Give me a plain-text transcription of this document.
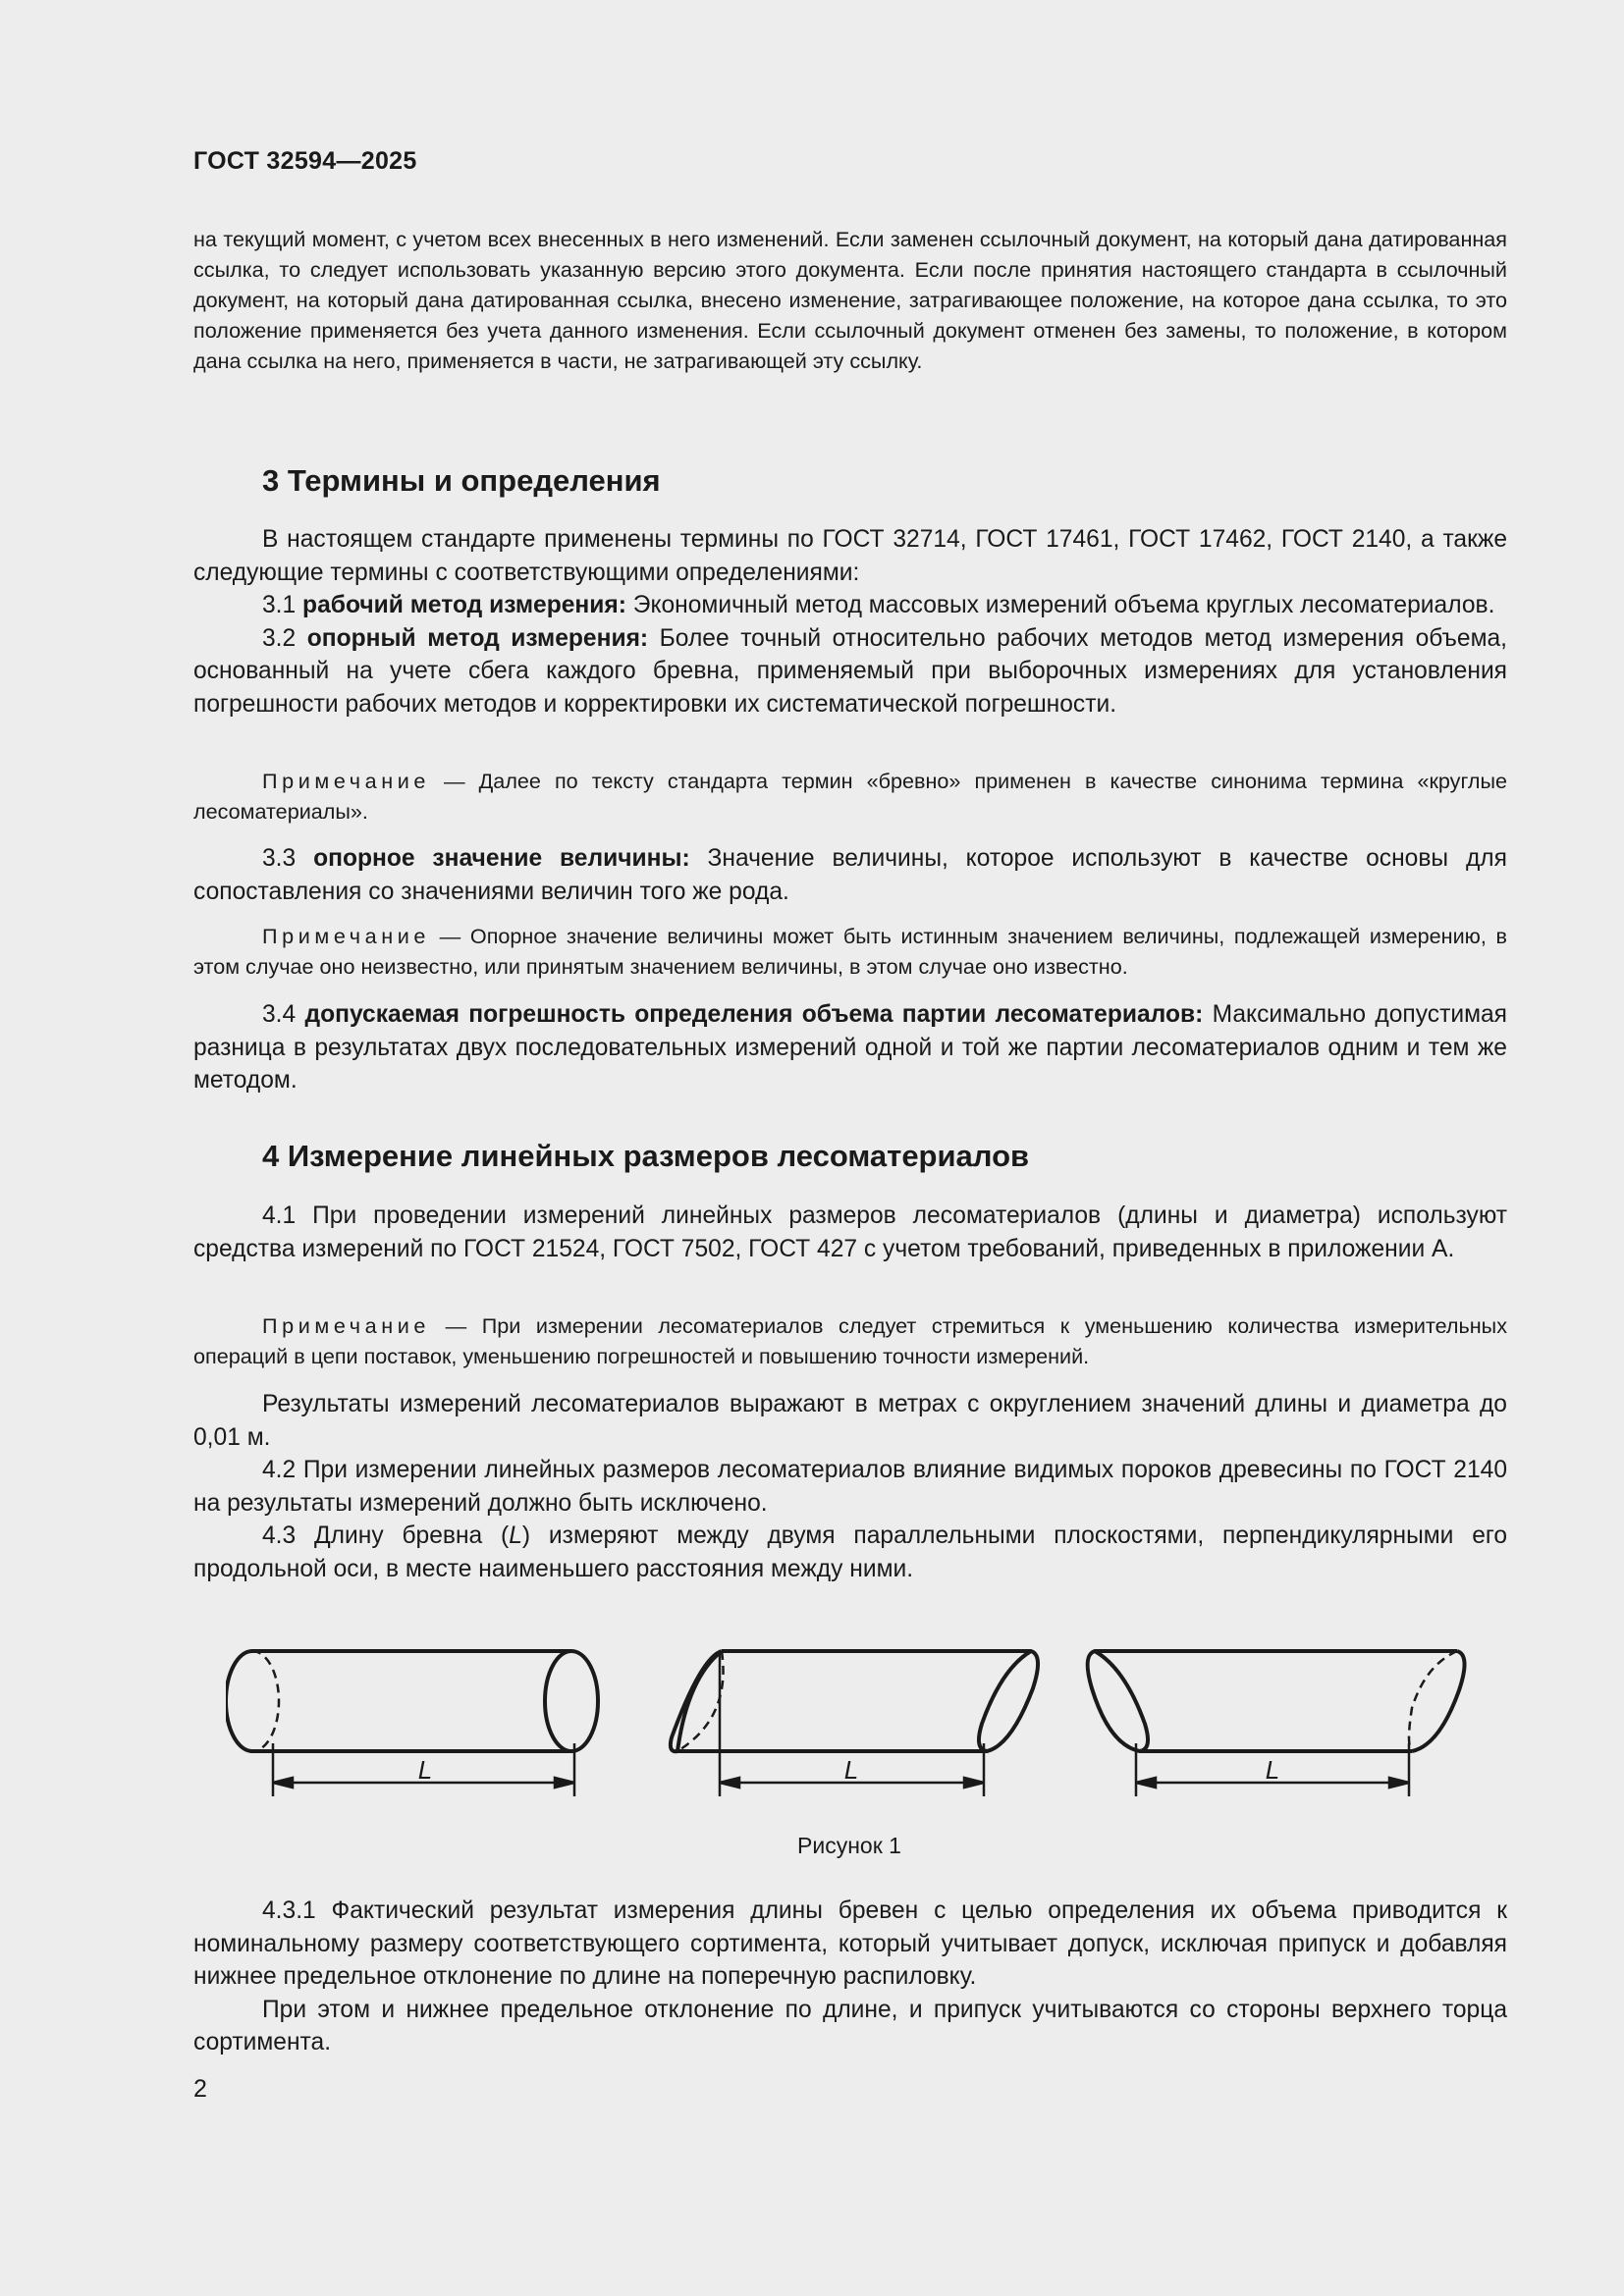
ГОСТ 32594—2025

на текущий момент, с учетом всех внесенных в него изменений. Если заменен ссылочный документ, на который дана датированная ссылка, то следует использовать указанную версию этого документа. Если после принятия настоящего стандарта в ссылочный документ, на который дана датированная ссылка, внесено изменение, затрагивающее положение, на которое дана ссылка, то это положение применяется без учета данного изменения. Если ссылочный документ отменен без замены, то положение, в котором дана ссылка на него, применяется в части, не затрагивающей эту ссылку.

3 Термины и определения

В настоящем стандарте применены термины по ГОСТ 32714, ГОСТ 17461, ГОСТ 17462, ГОСТ 2140, а также следующие термины с соответствующими определениями:

3.1 рабочий метод измерения: Экономичный метод массовых измерений объема круглых лесоматериалов.

3.2 опорный метод измерения: Более точный относительно рабочих методов метод измерения объема, основанный на учете сбега каждого бревна, применяемый при выборочных измерениях для установления погрешности рабочих методов и корректировки их систематической погрешности.

Примечание — Далее по тексту стандарта термин «бревно» применен в качестве синонима термина «круглые лесоматериалы».

3.3 опорное значение величины: Значение величины, которое используют в качестве основы для сопоставления со значениями величин того же рода.

Примечание — Опорное значение величины может быть истинным значением величины, подлежащей измерению, в этом случае оно неизвестно, или принятым значением величины, в этом случае оно известно.

3.4 допускаемая погрешность определения объема партии лесоматериалов: Максимально допустимая разница в результатах двух последовательных измерений одной и той же партии лесоматериалов одним и тем же методом.

4 Измерение линейных размеров лесоматериалов

4.1 При проведении измерений линейных размеров лесоматериалов (длины и диаметра) используют средства измерений по ГОСТ 21524, ГОСТ 7502, ГОСТ 427 с учетом требований, приведенных в приложении А.

Примечание — При измерении лесоматериалов следует стремиться к уменьшению количества измерительных операций в цепи поставок, уменьшению погрешностей и повышению точности измерений.

Результаты измерений лесоматериалов выражают в метрах с округлением значений длины и диаметра до 0,01 м.

4.2 При измерении линейных размеров лесоматериалов влияние видимых пороков древесины по ГОСТ 2140 на результаты измерений должно быть исключено.

4.3 Длину бревна (L) измеряют между двумя параллельными плоскостями, перпендикулярными его продольной оси, в месте наименьшего расстояния между ними.

L	L	L
Рисунок 1

4.3.1 Фактический результат измерения длины бревен с целью определения их объема приводится к номинальному размеру соответствующего сортимента, который учитывает допуск, исключая припуск и добавляя нижнее предельное отклонение по длине на поперечную распиловку.

При этом и нижнее предельное отклонение по длине, и припуск учитываются со стороны верхнего торца сортимента.

2
